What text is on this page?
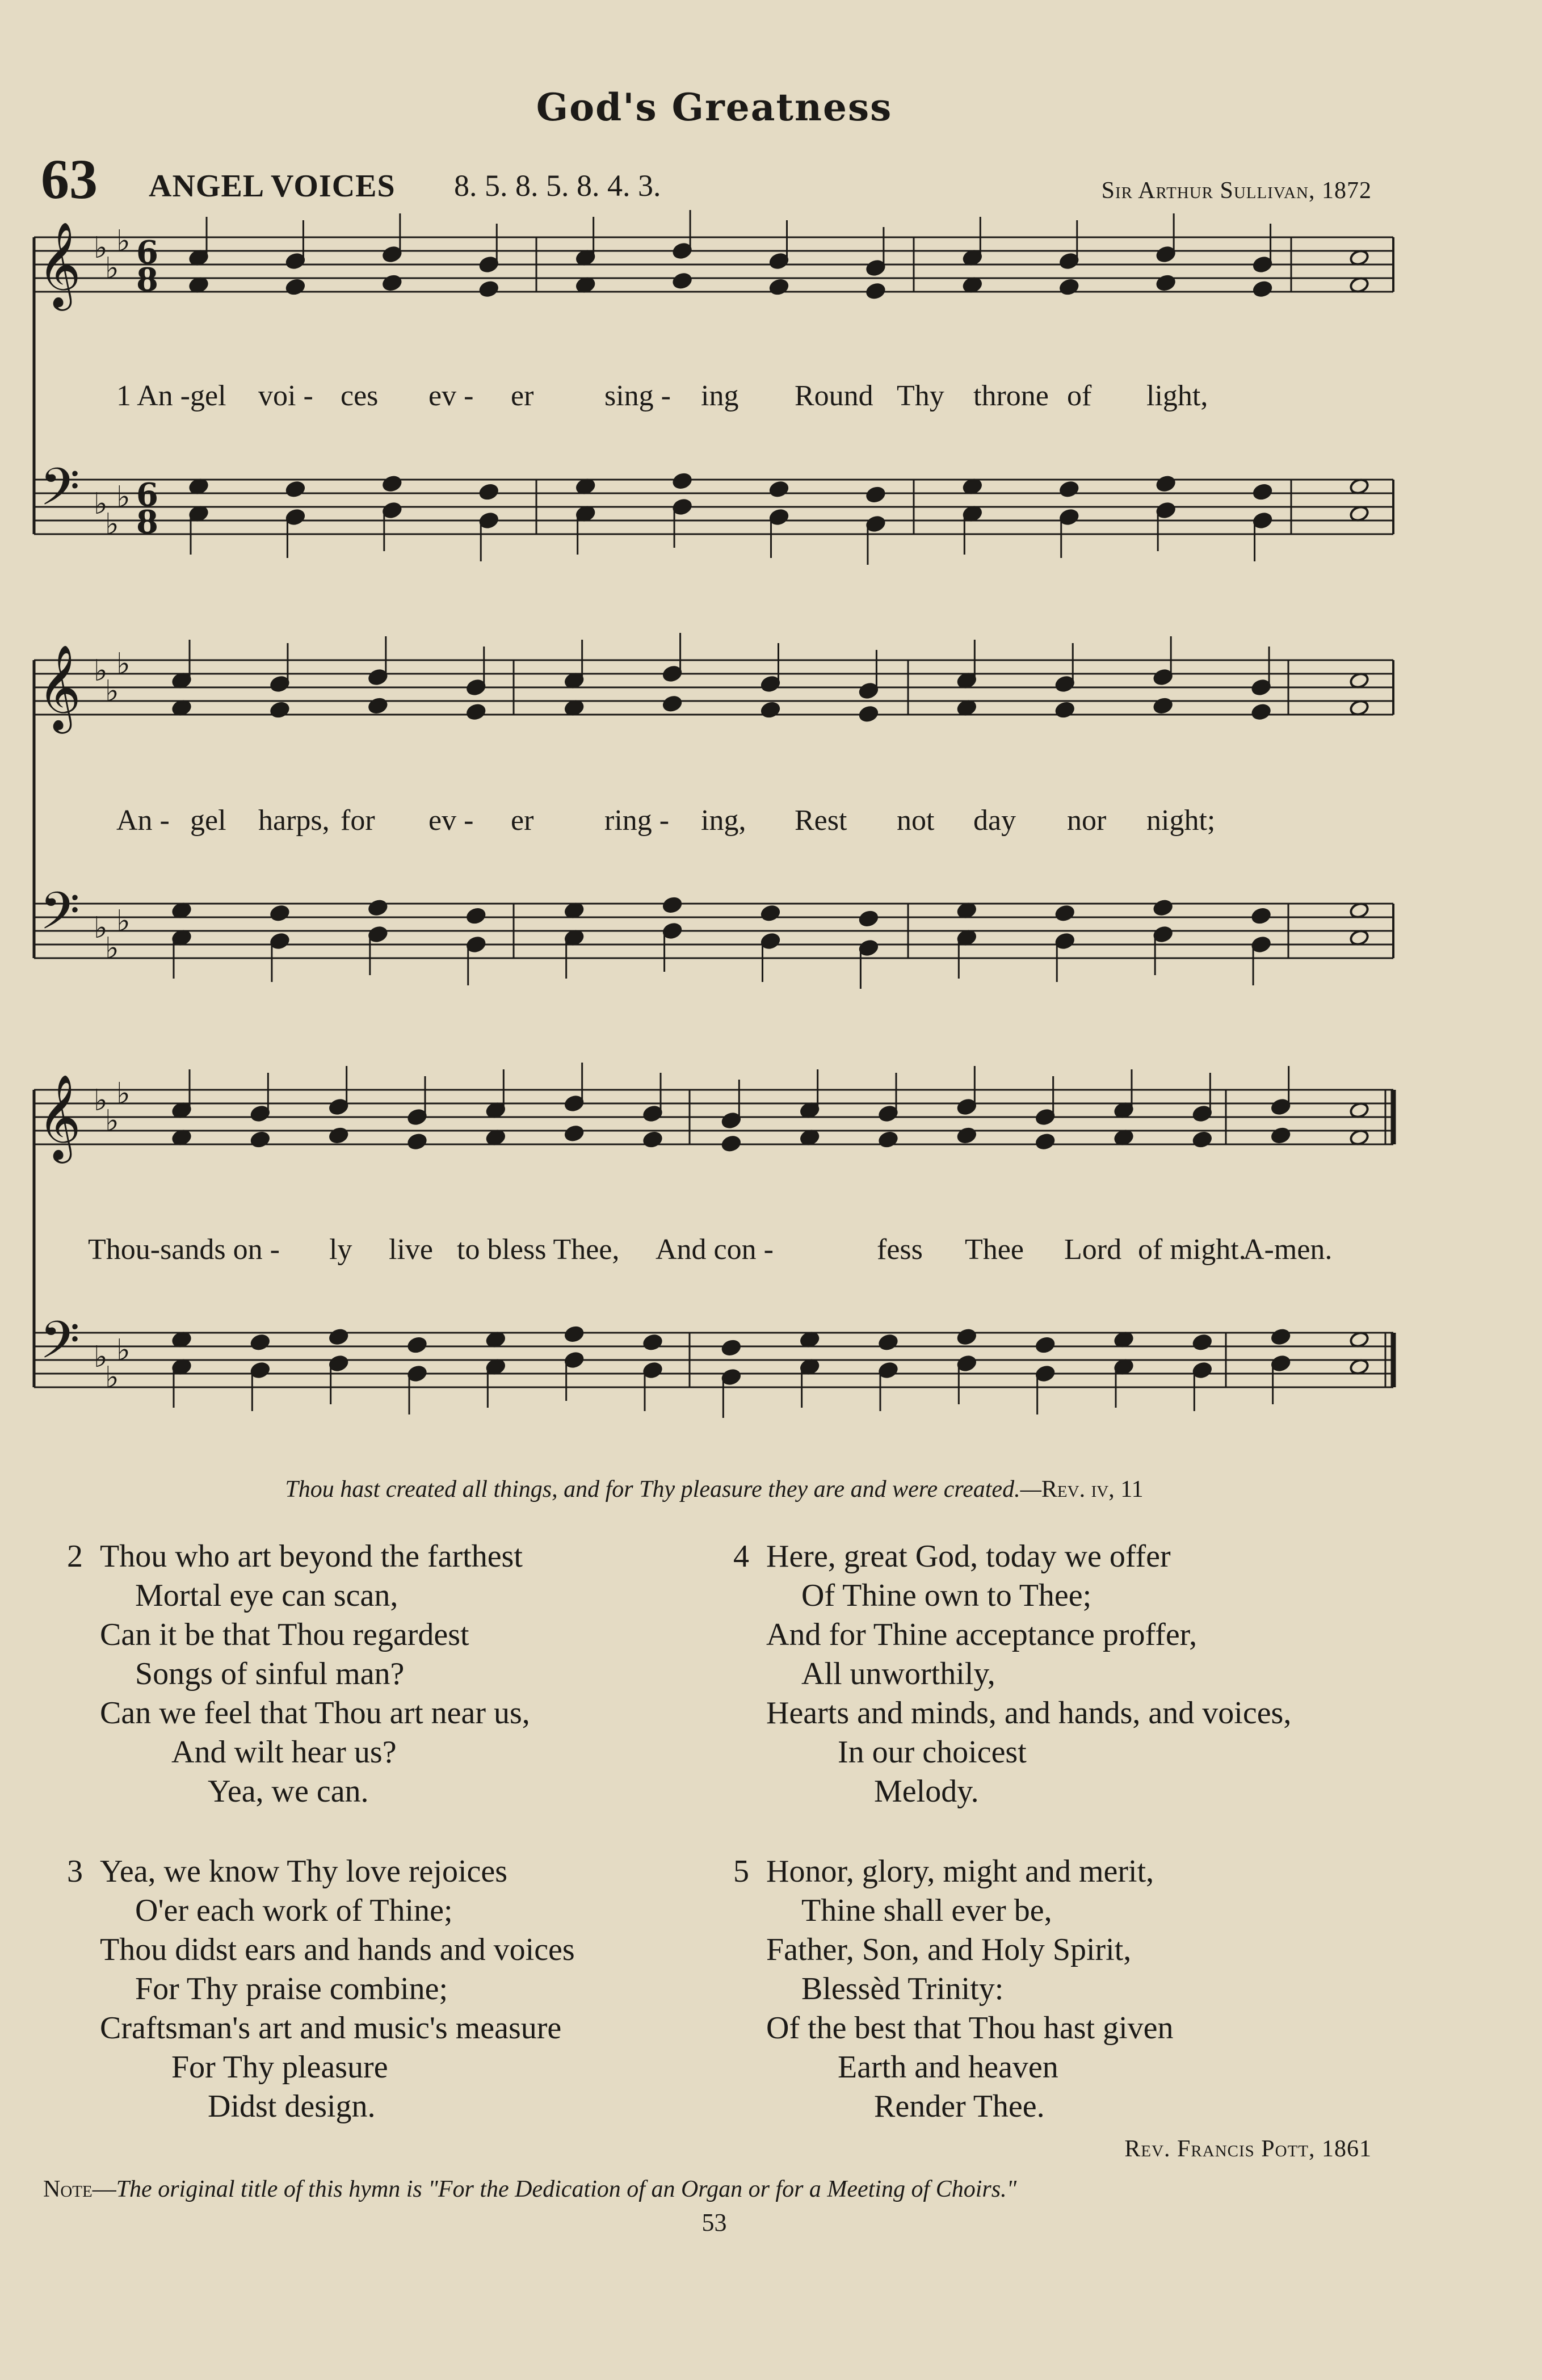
God's Greatness
63 ANGEL VOICES 8. 5. 8. 5. 8. 4. 3.	Sir Arthur Sullivan, 1872
𝄞
𝄢
♭
♭
♭
♭
♭
♭
6
8
6
8
𝄞
𝄢
♭
♭
♭
♭
♭
♭
𝄞
𝄢
♭
♭
♭
♭
♭
♭
1 An - gel voi - ces ev - er sing - ing Round Thy throne of light,
An - gel harps, for ev - er ring - ing, Rest not day nor night;
Thou-sands on - ly live to bless Thee, And con -	fess Thee Lord of might.
A-men.
Thou hast created all things, and for Thy pleasure they are and were created.—Rev. iv, 11
2 Thou who art beyond the farthest
Mortal eye can scan,
Can it be that Thou regardest
Songs of sinful man?
Can we feel that Thou art near us,
And wilt hear us?
Yea, we can.
3 Yea, we know Thy love rejoices
O'er each work of Thine;
Thou didst ears and hands and voices
For Thy praise combine;
Craftsman's art and music's measure
For Thy pleasure
Didst design.
4 Here, great God, today we offer
Of Thine own to Thee;
And for Thine acceptance proffer,
All unworthily,
Hearts and minds, and hands, and voices,
In our choicest
Melody.
5 Honor, glory, might and merit,
Thine shall ever be,
Father, Son, and Holy Spirit,
Blessèd Trinity:
Of the best that Thou hast given
Earth and heaven
Render Thee.
Rev. Francis Pott, 1861
Note—The original title of this hymn is "For the Dedication of an Organ or for a Meeting of Choirs."
53
